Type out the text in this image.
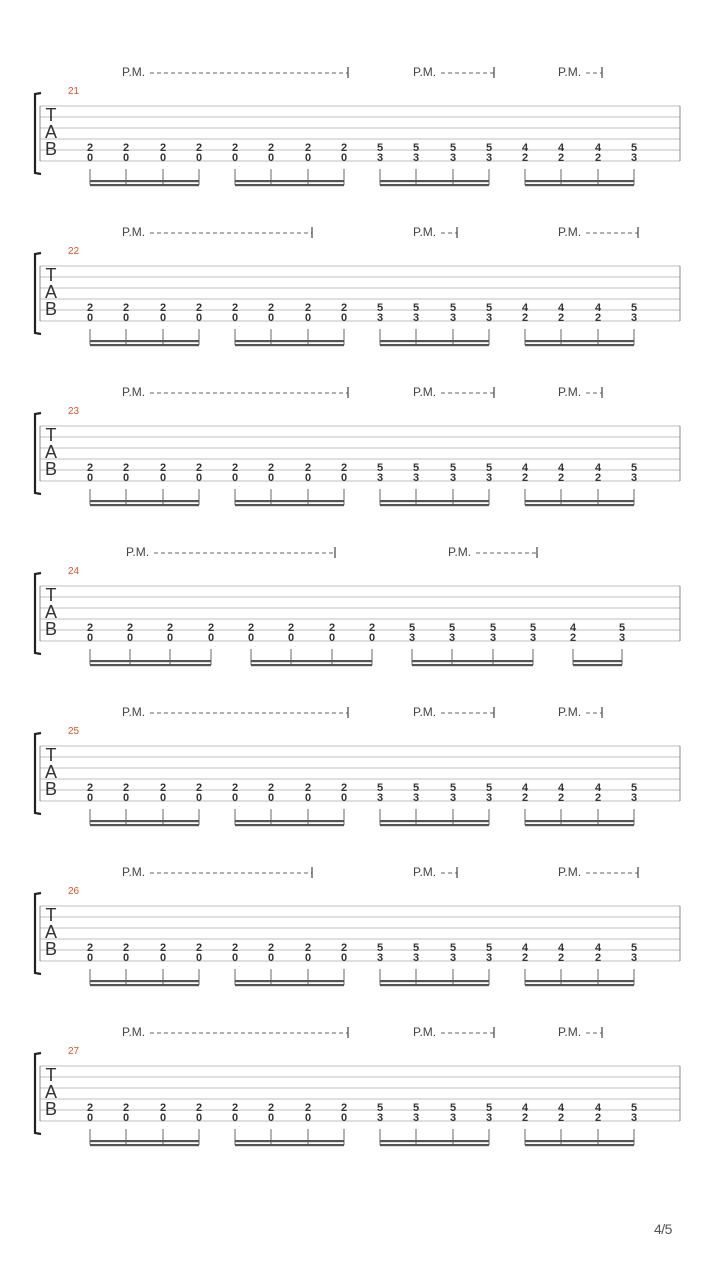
T
A
B
21
P.M.	P.M.	P.M.
2
0
2
0
2
0
2
0
2
0
2
0
2
0
2
0
5
3
5
3
5
3
5
3
4
2
4
2
4
2
5
3
T
A
B
22
P.M.	P.M.	P.M.
2
0
2
0
2
0
2
0
2
0
2
0
2
0
2
0
5
3
5
3
5
3
5
3
4
2
4
2
4
2
5
3
T
A
B
23
P.M.	P.M.	P.M.
2
0
2
0
2
0
2
0
2
0
2
0
2
0
2
0
5
3
5
3
5
3
5
3
4
2
4
2
4
2
5
3
T
A
B
24
P.M.	P.M.
2
0
2
0
2
0
2
0
2
0
2
0
2
0
2
0
5
3
5
3
5
3
5
3
4
2
5
3
T
A
B
25
P.M.	P.M.	P.M.
2
0
2
0
2
0
2
0
2
0
2
0
2
0
2
0
5
3
5
3
5
3
5
3
4
2
4
2
4
2
5
3
T
A
B
26
P.M.	P.M.	P.M.
2
0
2
0
2
0
2
0
2
0
2
0
2
0
2
0
5
3
5
3
5
3
5
3
4
2
4
2
4
2
5
3
T
A
B
27
P.M.	P.M.	P.M.
2
0
2
0
2
0
2
0
2
0
2
0
2
0
2
0
5
3
5
3
5
3
5
3
4
2
4
2
4
2
5
3
4/5
